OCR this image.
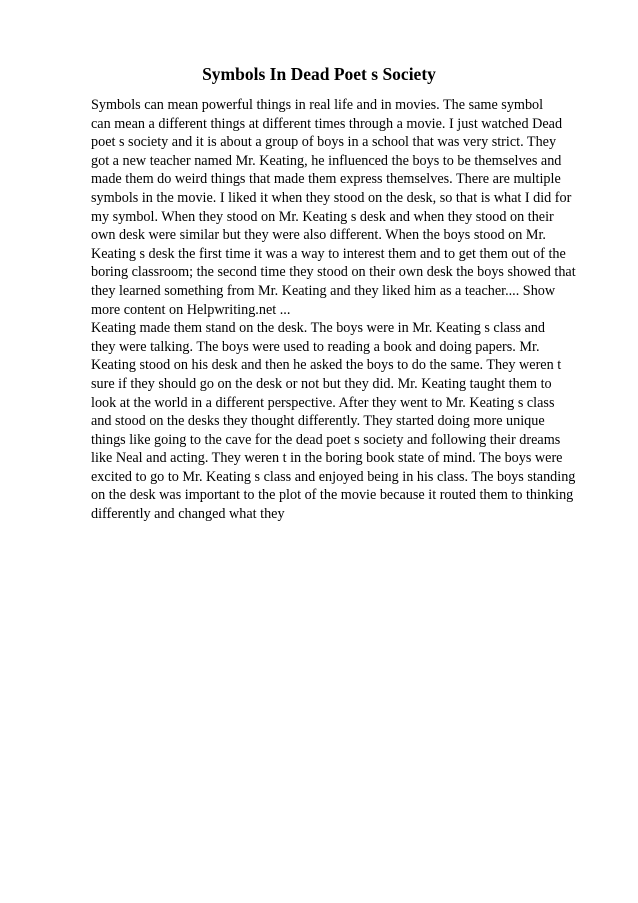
Symbols In Dead Poet s Society
Symbols can mean powerful things in real life and in movies. The same symbol
can mean a different things at different times through a movie. I just watched Dead
poet s society and it is about a group of boys in a school that was very strict. They
got a new teacher named Mr. Keating, he influenced the boys to be themselves and
made them do weird things that made them express themselves. There are multiple
symbols in the movie. I liked it when they stood on the desk, so that is what I did for
my symbol. When they stood on Mr. Keating s desk and when they stood on their
own desk were similar but they were also different. When the boys stood on Mr.
Keating s desk the first time it was a way to interest them and to get them out of the
boring classroom; the second time they stood on their own desk the boys showed that
they learned something from Mr. Keating and they liked him as a teacher.... Show
more content on Helpwriting.net ...
Keating made them stand on the desk. The boys were in Mr. Keating s class and
they were talking. The boys were used to reading a book and doing papers. Mr.
Keating stood on his desk and then he asked the boys to do the same. They weren t
sure if they should go on the desk or not but they did. Mr. Keating taught them to
look at the world in a different perspective. After they went to Mr. Keating s class
and stood on the desks they thought differently. They started doing more unique
things like going to the cave for the dead poet s society and following their dreams
like Neal and acting. They weren t in the boring book state of mind. The boys were
excited to go to Mr. Keating s class and enjoyed being in his class. The boys standing
on the desk was important to the plot of the movie because it routed them to thinking
differently and changed what they
